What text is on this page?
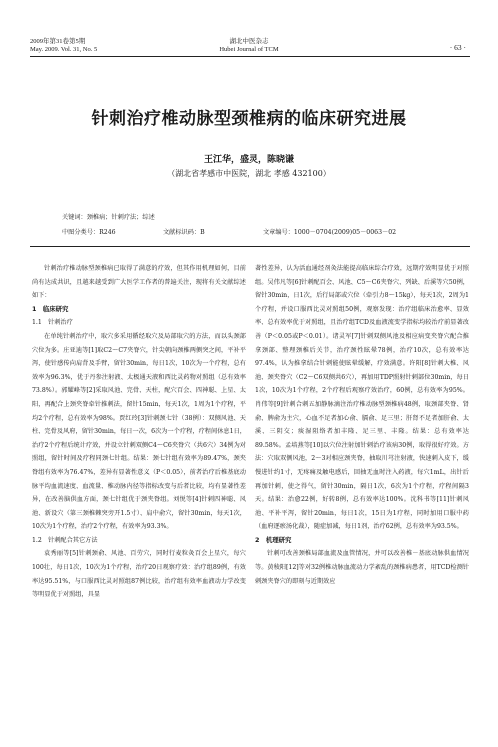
2009年第31卷第5期
May. 2009. Vol. 31, No. 5
湖北中医杂志
Hubei Journal of TCM	· 63 ·
针刺治疗椎动脉型颈椎病的临床研究进展
王江华，盛灵，陈晓谦
（湖北省孝感市中医院，湖北 孝感 432100）
关键词：颈椎病；针刺疗法；综述
中图分类号：R246	文献标识码：B	文章编号：1000－0704(2009)05－0063－02

针刺治疗椎动脉型颈椎病已取得了满意的疗效，但其作用机理如何，目前尚有达成共识，且越来越受到广大医学工作者的普遍关注，现将有关文献综述如下：

1　临床研究

1.1　针刺治疗

在单纯针刺治疗中，取穴多采用循经取穴及局部取穴的方法，而以头颈部穴位为多。庄亚迪等[1]取C2～C7夹脊穴，针尖朝向颈椎两侧突之间，平补平泻，使针感传向肩背及手臂，留针30min，每日1次，10次为一个疗程，总有效率为96.3%，优于丹参注射液、太极通天液和西比灵药物对照组（总有效率73.8%）。郭耀峰等[2]采取风池、完骨、天柱，配穴百会、四神聪、上星、太阳，再配合上颈夹脊牵针推刺法，留针15min，每天1次，1周为1个疗程，平均2个疗程，总有效率为98%。贾红玲[3]针刺颈七针（38例）：双侧风池、天柱、完骨及风府，留针30min，每日一次，6次为一个疗程，疗程间休息1日，治疗2个疗程后统计疗效，并设立针刺双侧C4～C6夹脊穴（共6穴）34例为对照组，留针时间及疗程同颈七针组。结果：颈七针组有效率为89.47%，颈夹脊组有效率为76.47%，差异有显著性意义（P＜0.05），前者治疗后椎基底动脉平均血流速度、血流量、椎动脉内径等指标改变与后者比较，均有显著性差异，在改善脑供血方面，颈七针组优于颈夹脊组。刘悦等[4]针刺四神聪、风池、新设穴（第三颈椎棘突旁开1.5寸）、肩中俞穴，留针30min，每天1次，10次为1个疗程，治疗2个疗程，有效率为93.3%。

1.2　针刺配合其它方法

袁秀丽等[5]针刺颈俞、风池、百劳穴，同时行麦粒灸百会上星穴，每穴100壮，每日1次，10次为1个疗程，治疗20日观察疗效：治疗组89例，有效率达95.51%，与口服西比灵对照组87例比较，治疗组有效率血液动力学改变等明显优于对照组，具显

著性差异，认为活血通经剂灸法能提高临床综合疗效，远期疗效明显优于对照组。吴伟凡等[6]针刺配百会、风池、C5～C6夹脊穴、列缺、后溪等穴50例，留针30min，日1次，后行局部或穴位（牵引力8～15kg），每天1次，2周为1个疗程，并设口服西比灵对照组50例，观察发现：治疗组临床治愈率、显效率、总有效率优于对照组，且治疗组TCD及血液流变学指标均较治疗前显著改善（P＜0.05或P＜0.01）。诸灵军[7]针刺双侧风池及相应病变夹脊穴配合推拿颈部、整理颈椎后关节，治疗颈性眩晕78例，治疗10次，总有效率达97.4%，认为推拿结合针刺能使眩晕缓解，疗效满意。许阳[8]针刺大椎、风池、颈夹脊穴（C2～C6双侧共6穴），再加用TDP照射针刺部位30min，每日1次，10次为1个疗程，2个疗程后观察疗效治疗，60例，总有效率为95%。肖伟等[9]针刺合刺五加静脉滴注治疗椎动脉型颈椎病48例，取颈部夹脊、肾俞、脾俞为主穴，心血不足者加心俞、膈俞、足三里；肝肾不足者加肝俞、太溪、三阴交；痰湿阻络者加丰隆、足三里、丰隆。结果：总有效率达89.58%。孟培燕等[10]以穴位注射加针刺治疗该病30例，取得很好疗效。方法：穴取双侧风池，2～3对相应颈夹脊，抽取川芎注射液，快速刺入皮下，缓慢进针约1寸，无疼痛及触电感后，回抽无血时注入药液，每穴1mL，出针后再加针刺，使之得气，留针30min，隔日1次，6次为1个疗程，疗程间隔3天。结果：治愈22例，好转8例，总有效率达100%。沈科书等[11]针刺风池、平补平泻，留针20min，每日1次，15日为1疗程，同时加用口服中药（血府逐瘀汤化裁），随症加减，每日1剂，治疗62例，总有效率为93.5%。

2　机理研究

针刺可改善颈椎局部血流及血管情况，并可以改善椎－基底动脉供血情况等。黄稜阳[12]等对32例椎动脉血流动力学紊乱的颈椎病患者，用TCD检测针刺颈夹脊穴的即刻与近期效应
